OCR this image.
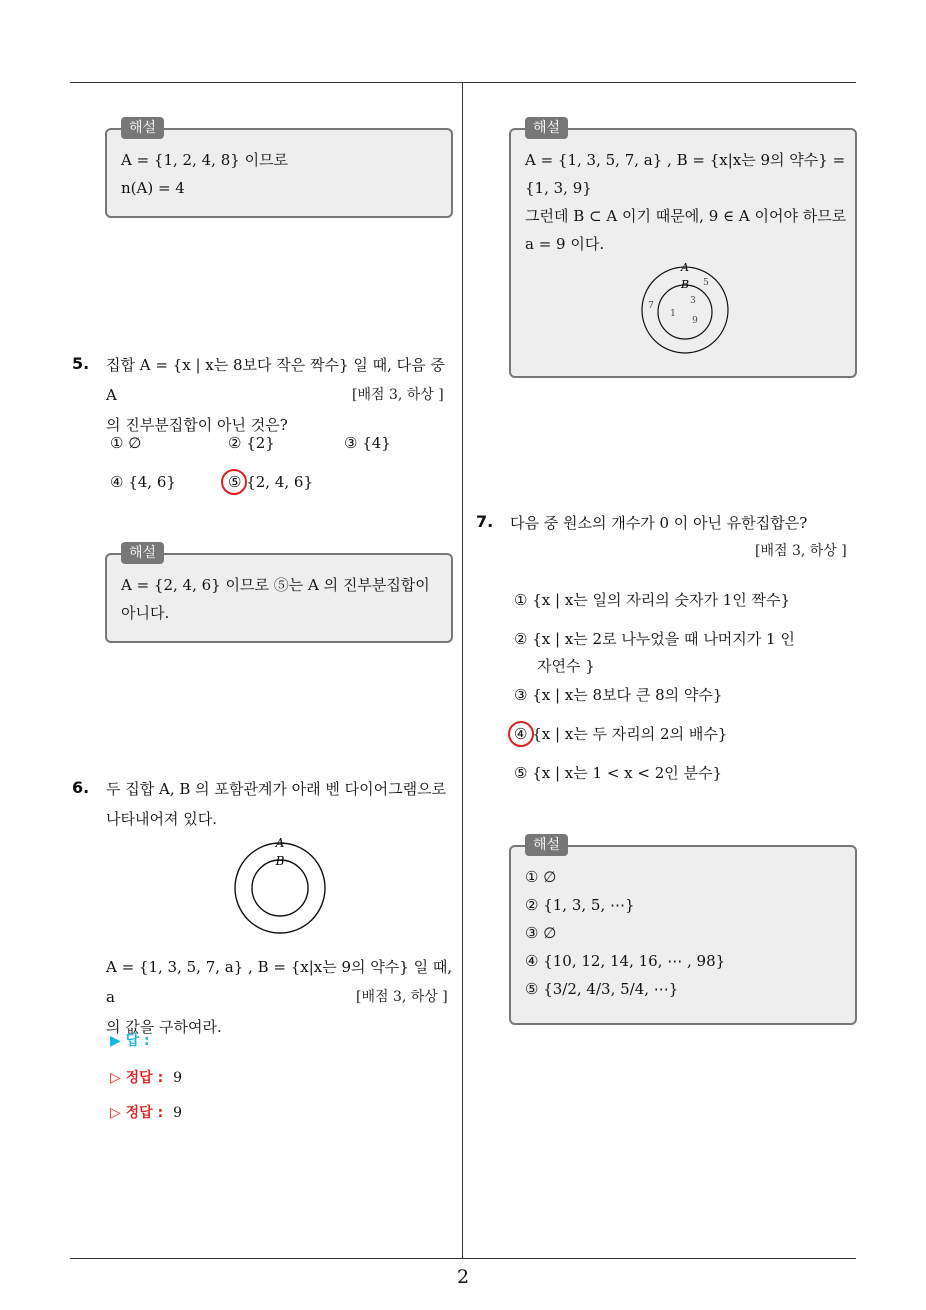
2
해설
A = {1, 2, 4, 8} 이므로
n(A) = 4
5. 집합 A = {x | x는 8보다 작은 짝수} 일 때, 다음 중 A
의 진부분집합이 아닌 것은?
[배점 3, 하상 ]
① ∅	② {2}	③ {4}
④ {4, 6}	⑤ {2, 4, 6}
해설
A = {2, 4, 6} 이므로 ⑤는 A 의 진부분집합이
아니다.
6. 두 집합 A, B 의 포함관계가 아래 벤 다이어그램으로
나타내어져 있다.
A
B
A = {1, 3, 5, 7, a} , B = {x|x는 9의 약수} 일 때, a
의 값을 구하여라.
[배점 3, 하상 ]
▶ 답 :
▷ 정답 : 9
▷ 정답 : 9
해설
A = {1, 3, 5, 7, a} , B = {x|x는 9의 약수} =
{1, 3, 9}
그런데 B ⊂ A 이기 때문에, 9 ∈ A 이어야 하므로
a = 9 이다.
A
B 5
7
1
3
9
7. 다음 중 원소의 개수가 0 이 아닌 유한집합은?
[배점 3, 하상 ]
① {x | x는 일의 자리의 숫자가 1인 짝수}
② {x | x는 2로 나누었을 때 나머지가 1 인
자연수 }
③ {x | x는 8보다 큰 8의 약수}
④ {x | x는 두 자리의 2의 배수}
⑤ {x | x는 1 < x < 2인 분수}
해설
① ∅
② {1, 3, 5, ⋯}
③ ∅
④ {10, 12, 14, 16, ⋯ , 98}
⑤ {3/2, 4/3, 5/4, ⋯}
